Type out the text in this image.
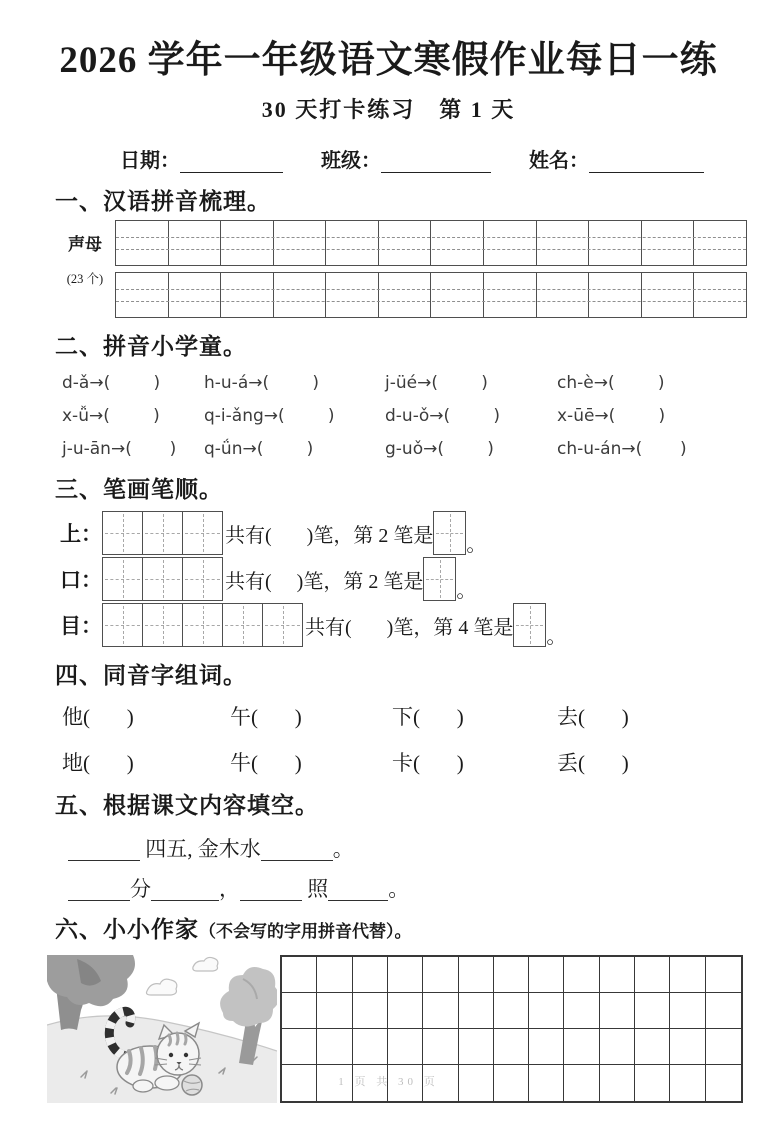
2026 学年一年级语文寒假作业每日一练
30 天打卡练习　第 1 天
日期：	班级：	姓名：
一、汉语拼音梳理。
声母
(23 个)
二、拼音小学童。
d-ǎ→(        )	h-u-á→(        )	j-üé→(        )	ch-è→(        )
x-ǚ→(        )	q-i-ǎng→(        )	d-u-ǒ→(        )	x-ūē→(        )
j-u-ān→(       )	q-ǘn→(        )	g-uǒ→(        )	ch-u-án→(       )
三、笔画笔顺。
上：	共有(       )笔，第 2 笔是 。
口：	共有(     )笔，第 2 笔是 。
目：	共有(       )笔，第 4 笔是 。
四、同音字组词。
他(       )	午(       )	下(       )	去(       )
地(       )	牛(       )	卡(       )	丢(       )
五、根据课文内容填空。
四五, 金木水	。
分	，	照	。
六、小小作家（不会写的字用拼音代替）。
1 页 共 30 页
